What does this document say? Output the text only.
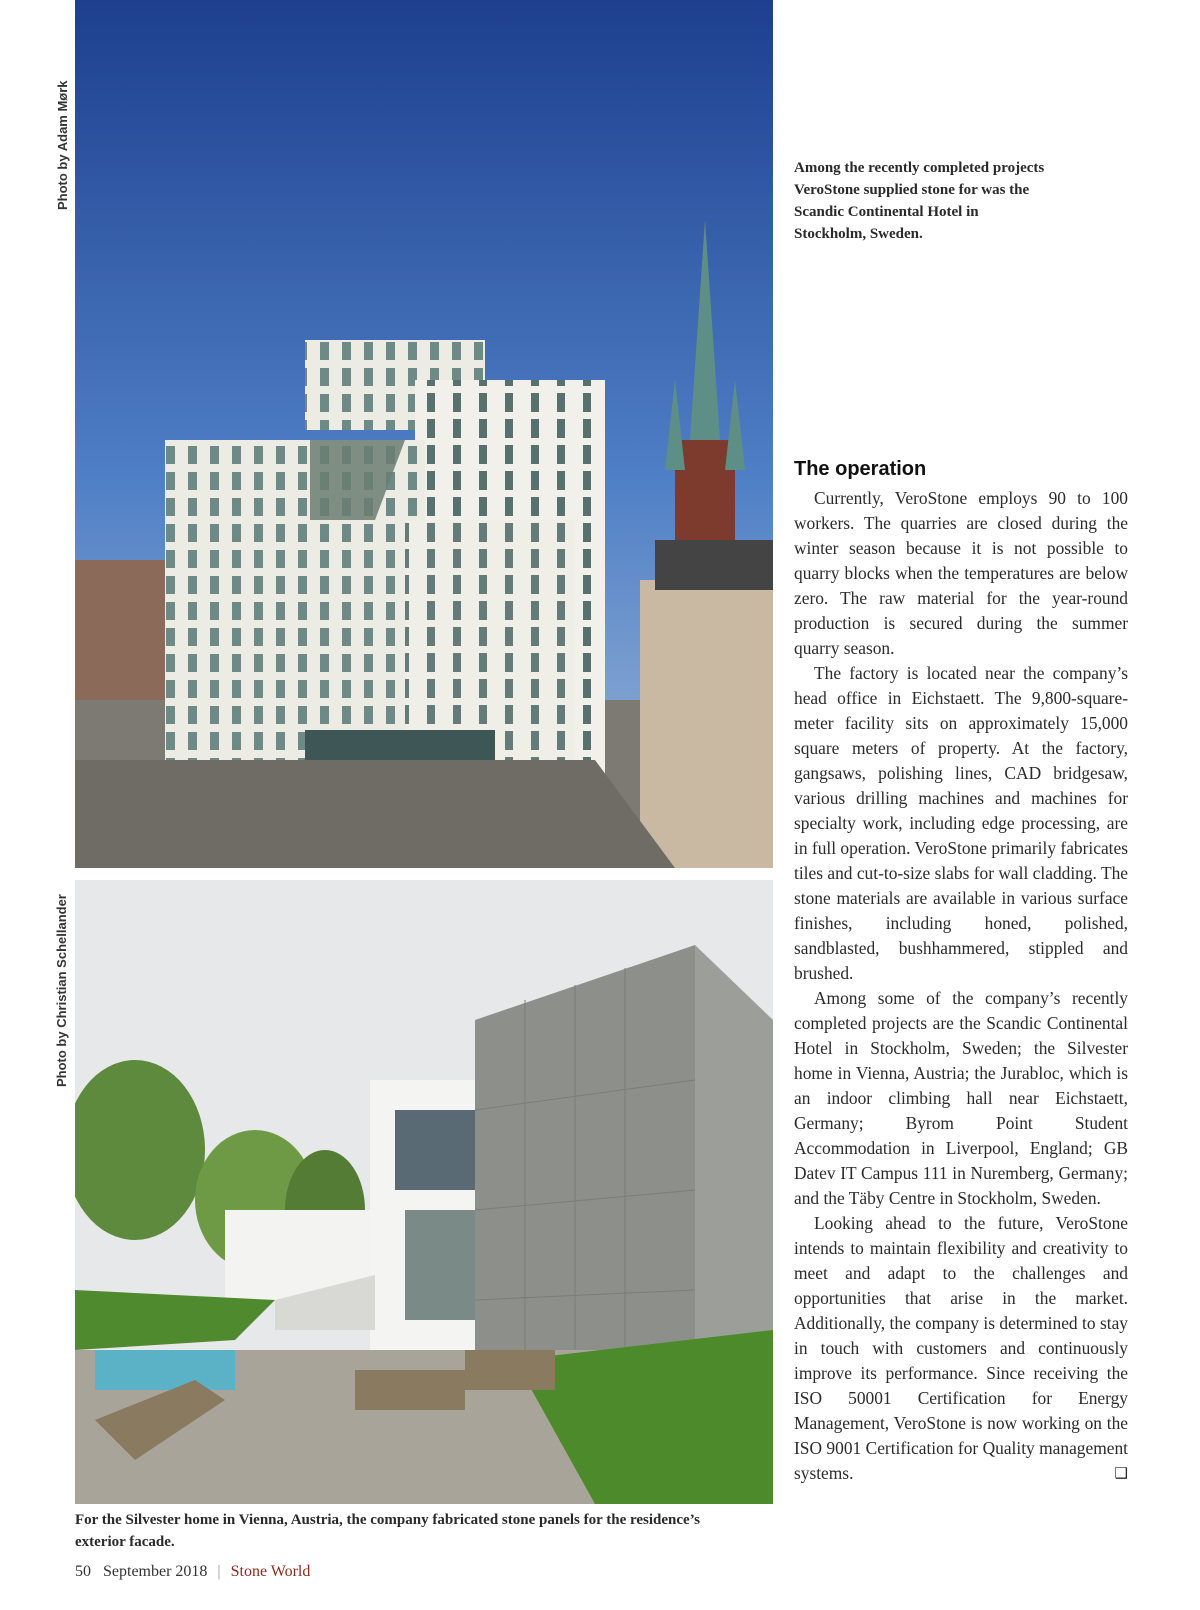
Photo by Adam Mørk
Photo by Christian Schellander
Among the recently completed projects VeroStone supplied stone for was the Scandic Continental Hotel in Stockholm, Sweden.
For the Silvester home in Vienna, Austria, the company fabricated stone panels for the residence’s exterior facade.
The operation

Currently, VeroStone employs 90 to 100 workers. The quarries are closed during the winter season because it is not possible to quarry blocks when the temperatures are below zero. The raw material for the year-round production is secured during the summer quarry season.

The factory is located near the company’s head office in Eichstaett. The 9,800-square-meter facility sits on approximately 15,000 square meters of property. At the factory, gangsaws, polishing lines, CAD bridgesaw, various drilling machines and machines for specialty work, including edge processing, are in full operation. VeroStone primarily fabricates tiles and cut-to-size slabs for wall cladding. The stone materials are available in various surface finishes, including honed, polished, sandblasted, bushhammered, stippled and brushed.

Among some of the company’s recently completed projects are the Scandic Continental Hotel in Stockholm, Sweden; the Silvester home in Vienna, Austria; the Jurabloc, which is an indoor climbing hall near Eichstaett, Germany; Byrom Point Student Accommodation in Liverpool, England; GB Datev IT Campus 111 in Nuremberg, Germany; and the Täby Centre in Stockholm, Sweden.

Looking ahead to the future, VeroStone intends to maintain flexibility and creativity to meet and adapt to the challenges and opportunities that arise in the market. Additionally, the company is determined to stay in touch with customers and continuously improve its performance. Since receiving the ISO 50001 Certification for Energy Management, VeroStone is now working on the ISO 9001 Certification for Quality management systems.	❑

50 September 2018 | Stone World
